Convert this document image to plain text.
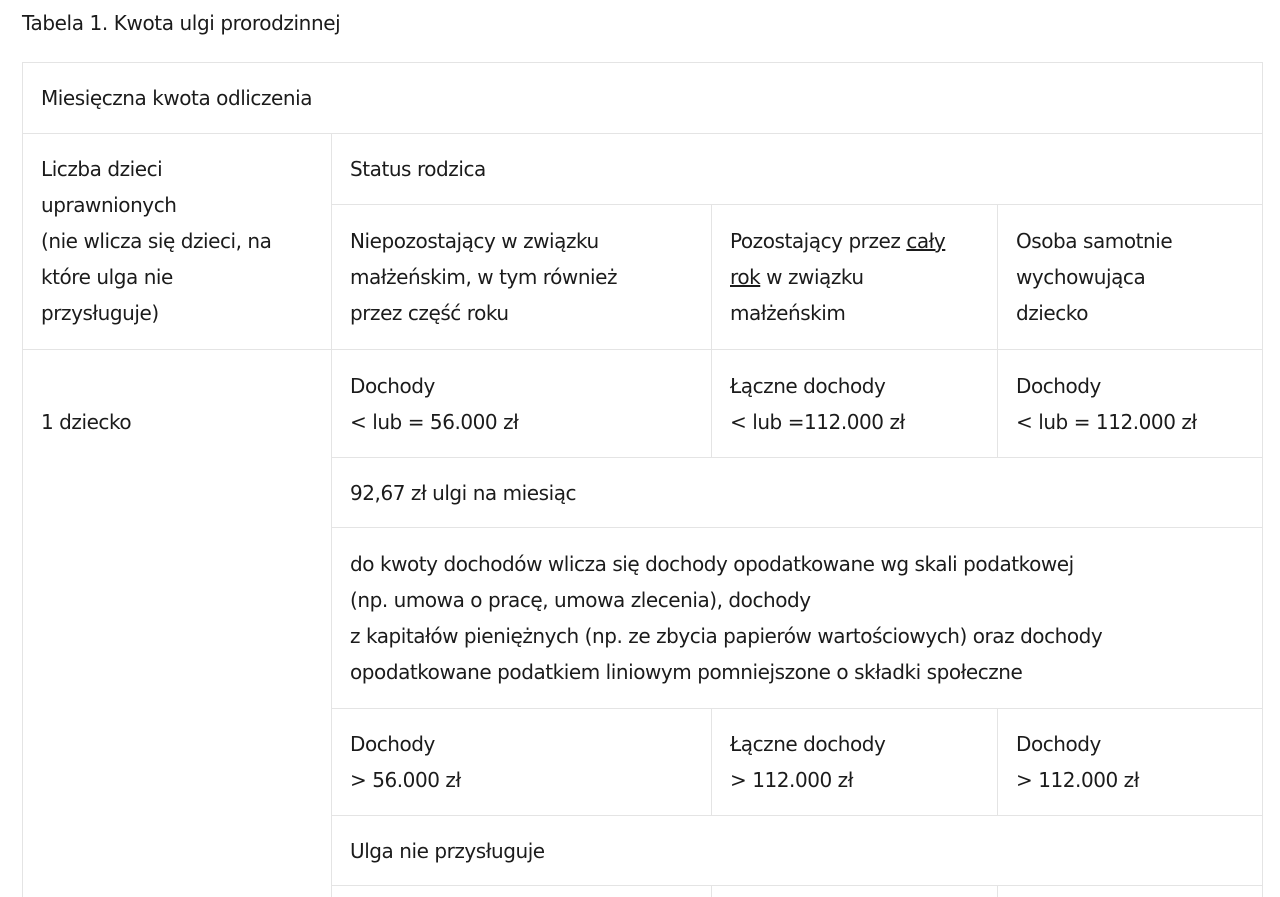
Tabela 1. Kwota ulgi prorodzinnej
Miesięczna kwota odliczenia				

Liczba dzieci
uprawnionych
(nie wlicza się dzieci, na
które ulga nie
przysługuje)	Status rodzica			

	Niepozostający w związku
małżeńskim, w tym również
przez część roku	Pozostający przez cały
rok w związku
małżeńskim	Osoba samotnie
wychowująca
dziecko	

1 dziecko	Dochody
< lub = 56.000 zł	Łączne dochody
< lub =112.000 zł	Dochody
< lub = 112.000 zł	

	92,67 zł ulgi na miesiąc			

	do kwoty dochodów wlicza się dochody opodatkowane wg skali podatkowej
(np. umowa o pracę, umowa zlecenia), dochody
z kapitałów pieniężnych (np. ze zbycia papierów wartościowych) oraz dochody
opodatkowane podatkiem liniowym pomniejszone o składki społeczne			

	Dochody
> 56.000 zł	Łączne dochody
> 112.000 zł	Dochody
> 112.000 zł	

	Ulga nie przysługuje			
